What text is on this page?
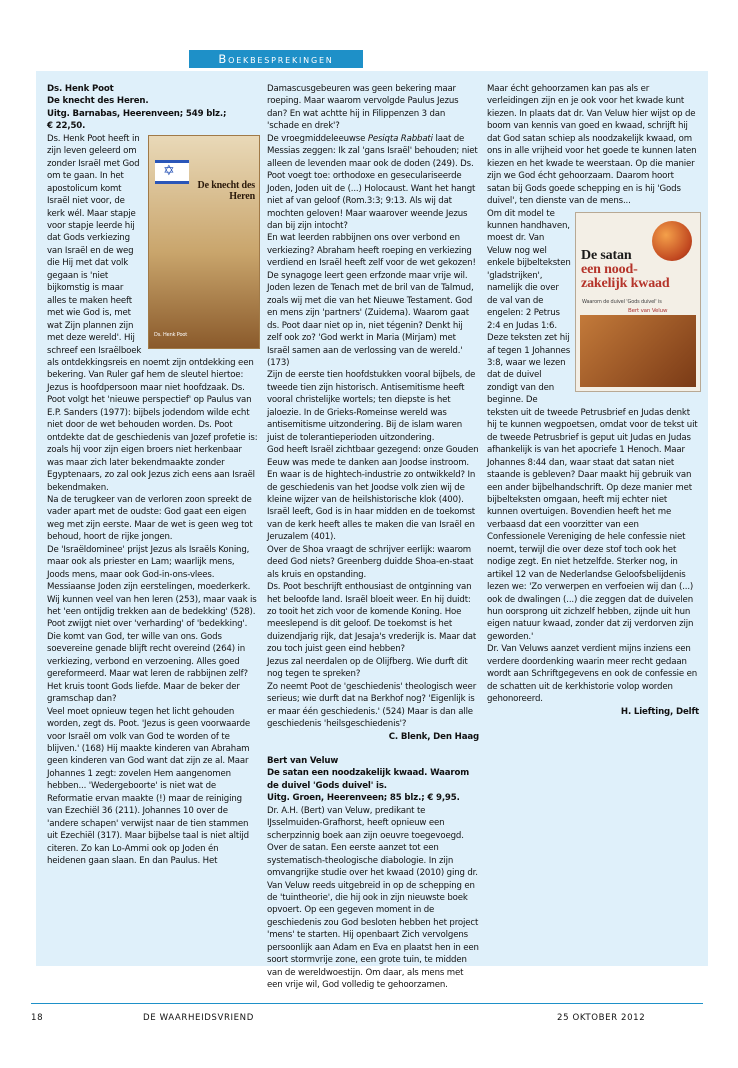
Boekbesprekingen

Ds. Henk Poot

De knecht des Heren.

Uitg. Barnabas, Heerenveen; 549 blz.;

€ 22,50.

✡
De knecht des Heren
Ds. Henk Poot

Ds. Henk Poot heeft in zijn leven geleerd om zonder Israël met God om te gaan. In het apostolicum komt Israël niet voor, de kerk wél. Maar stapje voor stapje leerde hij dat Gods verkiezing van Israël en de weg die Hij met dat volk gegaan is 'niet bijkomstig is maar alles te maken heeft met wie God is, met wat Zijn plannen zijn met deze wereld'. Hij schreef een Israëlboek als ontdekkingsreis en noemt zijn ontdekking een bekering. Van Ruler gaf hem de sleutel hiertoe: Jezus is hoofdpersoon maar niet hoofdzaak. Ds. Poot volgt het 'nieuwe perspectief' op Paulus van E.P. Sanders (1977): bijbels jodendom wilde echt niet door de wet behouden worden. Ds. Poot ontdekte dat de geschiedenis van Jozef profetie is: zoals hij voor zijn eigen broers niet herkenbaar was maar zich later bekendmaakte zonder Egyptenaars, zo zal ook Jezus zich eens aan Israël bekendmaken.

Na de terugkeer van de verloren zoon spreekt de vader apart met de oudste: God gaat een eigen weg met zijn eerste. Maar de wet is geen weg tot behoud, hoort de rijke jongen.

De 'Israëldominee' prijst Jezus als Israëls Koning, maar ook als priester en Lam; waarlijk mens, Joods mens, maar ook God-in-ons-vlees. Messiaanse Joden zijn eerstelingen, moederkerk. Wij kunnen veel van hen leren (253), maar vaak is het 'een ontijdig trekken aan de bedekking' (528).

Poot zwijgt niet over 'verharding' of 'bedekking'. Die komt van God, ter wille van ons. Gods soevereine genade blijft recht overeind (264) in verkiezing, verbond en verzoening. Alles goed gereformeerd. Maar wat leren de rabbijnen zelf?

Het kruis toont Gods liefde. Maar de beker der gramschap dan?

Veel moet opnieuw tegen het licht gehouden worden, zegt ds. Poot. 'Jezus is geen voorwaarde voor Israël om volk van God te worden of te blijven.' (168) Hij maakte kinderen van Abraham geen kinderen van God want dat zijn ze al. Maar Johannes 1 zegt: zovelen Hem aangenomen hebben... 'Wedergeboorte' is niet wat de Reformatie ervan maakte (!) maar de reiniging van Ezechiël 36 (211). Johannes 10 over de 'andere schapen' verwijst naar de tien stammen uit Ezechiël (317). Maar bijbelse taal is niet altijd citeren. Zo kan Lo-Ammi ook op Joden én heidenen gaan slaan. En dan Paulus. Het

Damascusgebeuren was geen bekering maar roeping. Maar waarom vervolgde Paulus Jezus dan? En wat achtte hij in Filippenzen 3 dan 'schade en drek'?

De vroegmiddeleeuwse Pesiqta Rabbati laat de Messias zeggen: Ik zal 'gans Israël' behouden; niet alleen de levenden maar ook de doden (249). Ds. Poot voegt toe: orthodoxe en geseculariseerde Joden, Joden uit de (...) Holocaust. Want het hangt niet af van geloof (Rom.3:3; 9:13. Als wij dat mochten geloven! Maar waarover weende Jezus dan bij zijn intocht?

En wat leerden rabbijnen ons over verbond en verkiezing? Abraham heeft roeping en verkiezing verdiend en Israël heeft zelf voor de wet gekozen! De synagoge leert geen erfzonde maar vrije wil. Joden lezen de Tenach met de bril van de Talmud, zoals wij met die van het Nieuwe Testament. God en mens zijn 'partners' (Zuidema). Waarom gaat ds. Poot daar niet op in, niet tégenin? Denkt hij zelf ook zo? 'God werkt in Maria (Mirjam) met Israël samen aan de verlossing van de wereld.' (173)

Zijn de eerste tien hoofdstukken vooral bijbels, de tweede tien zijn historisch. Antisemitisme heeft vooral christelijke wortels; ten diepste is het jaloezie. In de Grieks-Romeinse wereld was antisemitisme uitzondering. Bij de islam waren juist de tolerantieperioden uitzondering.

God heeft Israël zichtbaar gezegend: onze Gouden Eeuw was mede te danken aan Joodse instroom. En waar is de hightech-industrie zo ontwikkeld? In de geschiedenis van het Joodse volk zien wij de kleine wijzer van de heilshistorische klok (400). Israël leeft, God is in haar midden en de toekomst van de kerk heeft alles te maken die van Israël en Jeruzalem (401).

Over de Shoa vraagt de schrijver eerlijk: waarom deed God niets? Greenberg duidde Shoa-en-staat als kruis en opstanding.

Ds. Poot beschrijft enthousiast de ontginning van het beloofde land. Israël bloeit weer. En hij duidt: zo tooit het zich voor de komende Koning. Hoe meeslepend is dit geloof. De toekomst is het duizendjarig rijk, dat Jesaja's vrederijk is. Maar dat zou toch juist geen eind hebben?

Jezus zal neerdalen op de Olijfberg. Wie durft dit nog tegen te spreken?

Zo neemt Poot de 'geschiedenis' theologisch weer serieus; wie durft dat na Berkhof nog? 'Eigenlijk is er maar één geschiedenis.' (524) Maar is dan alle geschiedenis 'heilsgeschiedenis'?

C. Blenk, Den Haag

Bert van Veluw

De satan een noodzakelijk kwaad. Waarom de duivel 'Gods duivel' is.

Uitg. Groen, Heerenveen; 85 blz.; € 9,95.

Dr. A.H. (Bert) van Veluw, predikant te IJsselmuiden-Grafhorst, heeft opnieuw een scherpzinnig boek aan zijn oeuvre toegevoegd. Over de satan. Een eerste aanzet tot een systematisch-theologische diabologie. In zijn omvangrijke studie over het kwaad (2010) ging dr. Van Veluw reeds uitgebreid in op de schepping en de 'tuintheorie', die hij ook in zijn nieuwste boek opvoert. Op een gegeven moment in de geschiedenis zou God besloten hebben het project 'mens' te starten. Hij openbaart Zich vervolgens persoonlijk aan Adam en Eva en plaatst hen in een soort stormvrije zone, een grote tuin, te midden van de wereldwoestijn. Om daar, als mens met een vrije wil, God volledig te gehoorzamen.

Maar écht gehoorzamen kan pas als er verleidingen zijn en je ook voor het kwade kunt kiezen. In plaats dat dr. Van Veluw hier wijst op de boom van kennis van goed en kwaad, schrijft hij dat God satan schiep als noodzakelijk kwaad, om ons in alle vrijheid voor het goede te kunnen laten kiezen en het kwade te weerstaan. Op die manier zijn we God écht gehoorzaam. Daarom hoort satan bij Gods goede schepping en is hij 'Gods duivel', ten dienste van de mens...

De satan
een nood-
zakelijk kwaad
Waarom de duivel 'Gods duivel' is
Bert van Veluw

Om dit model te kunnen handhaven, moest dr. Van Veluw nog wel enkele bijbelteksten 'gladstrijken', namelijk die over de val van de engelen: 2 Petrus 2:4 en Judas 1:6. Deze teksten zet hij af tegen 1 Johannes 3:8, waar we lezen dat de duivel zondigt van den beginne. De teksten uit de tweede Petrusbrief en Judas denkt hij te kunnen wegpoetsen, omdat voor de tekst uit de tweede Petrusbrief is geput uit Judas en Judas afhankelijk is van het apocriefe 1 Henoch. Maar Johannes 8:44 dan, waar staat dat satan niet staande is gebleven? Daar maakt hij gebruik van een ander bijbelhandschrift. Op deze manier met bijbelteksten omgaan, heeft mij echter niet kunnen overtuigen. Bovendien heeft het me verbaasd dat een voorzitter van een Confessionele Vereniging de hele confessie niet noemt, terwijl die over deze stof toch ook het nodige zegt. En niet hetzelfde. Sterker nog, in artikel 12 van de Nederlandse Geloofsbelijdenis lezen we: 'Zo verwerpen en verfoeien wij dan (...) ook de dwalingen (...) die zeggen dat de duivelen hun oorsprong uit zichzelf hebben, zijnde uit hun eigen natuur kwaad, zonder dat zij verdorven zijn geworden.'

Dr. Van Veluws aanzet verdient mijns inziens een verdere doordenking waarin meer recht gedaan wordt aan Schriftgegevens en ook de confessie en de schatten uit de kerkhistorie volop worden gehonoreerd.

H. Liefting, Delft

18	DE WAARHEIDSVRIEND	25 OKTOBER 2012
